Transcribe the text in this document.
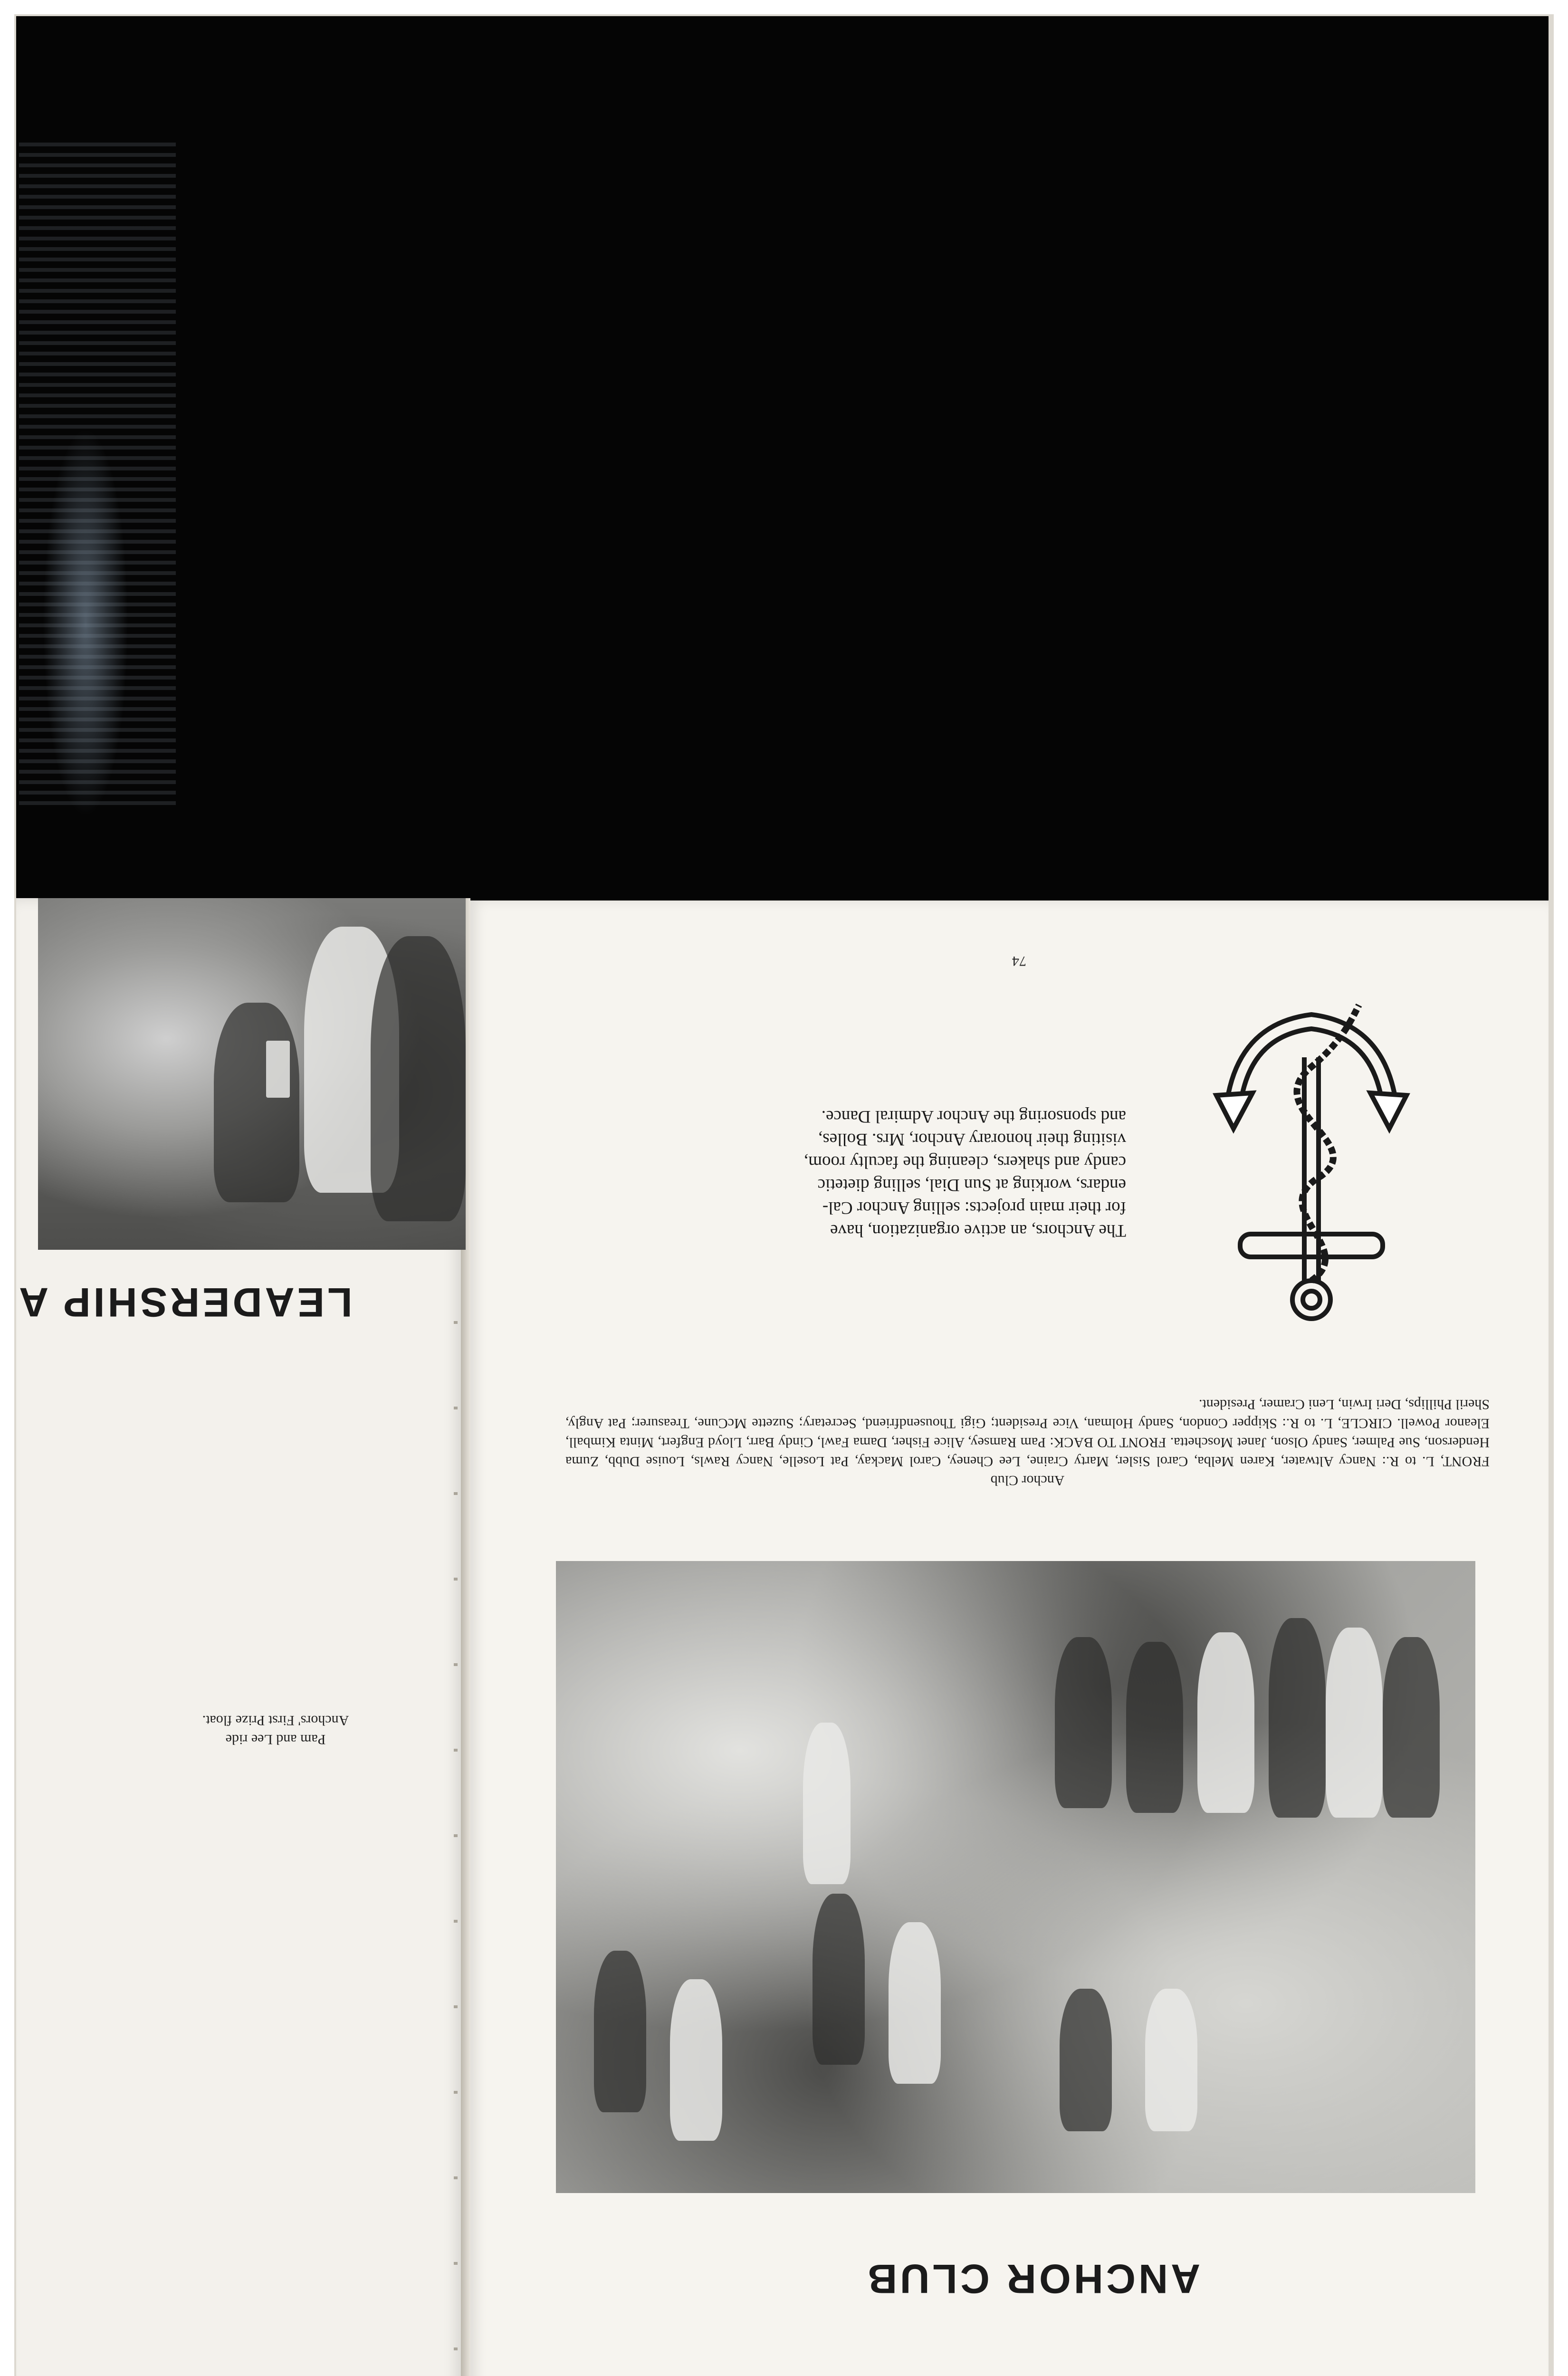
LEADERSHIP A

Pam and Lee ride

Anchors' First Prize float.

74

The Anchors, an active organization, have

for their main projects: selling Anchor Cal-

endars, working at Sun Dial, selling dietetic

candy and shakers, cleaning the faculty room,

visiting their honorary Anchor, Mrs. Bolles,

and sponsoring the Anchor Admiral Dance.

Anchor Club

FRONT, L. to R.: Nancy Altwater, Karen Melba, Carol Sisler, Marty Craine, Lee Cheney, Carol Mackay, Pat Loselle, Nancy Rawls, Louise Dubb, Zuma Henderson, Sue Palmer, Sandy Olson, Janet Moschetta. FRONT TO BACK: Pam Ramsey, Alice Fisher, Dama Fawl, Cindy Barr, Lloyd Engfert, Minta Kimball, Eleanor Powell. CIRCLE, L. to R.: Skipper Condon, Sandy Holman, Vice President; Gigi Thousendfriend, Secretary; Suzette McCune, Treasurer; Pat Angly, Sheril Phillips, Deri Irwin, Leni Cramer, President.

ANCHOR CLUB
